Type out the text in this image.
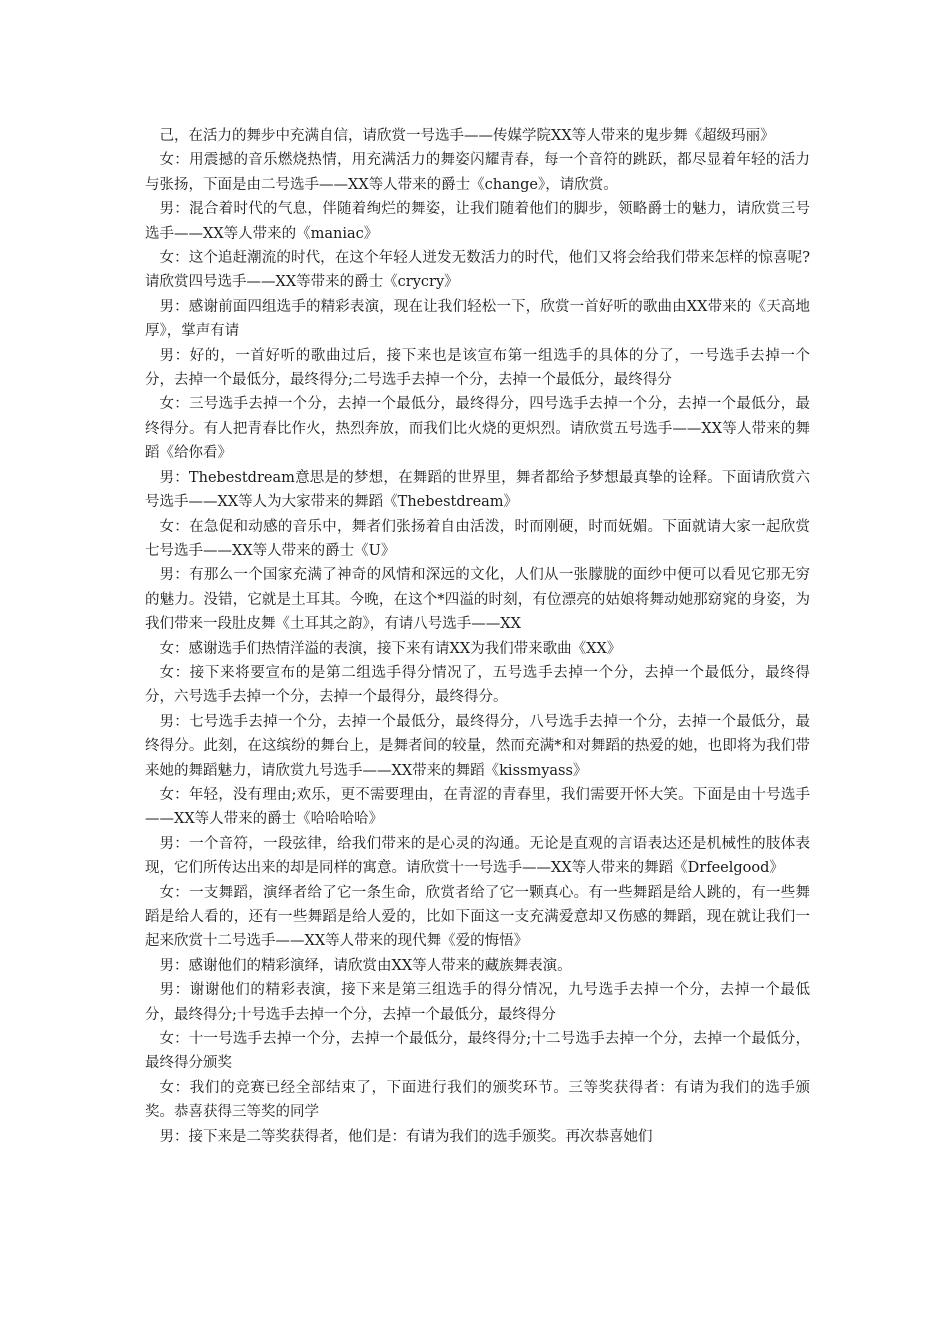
己，在活力的舞步中充满自信，请欣赏一号选手——传媒学院XX等人带来的鬼步舞《超级玛丽》

女：用震撼的音乐燃烧热情，用充满活力的舞姿闪耀青春，每一个音符的跳跃，都尽显着年轻的活力与张扬，下面是由二号选手——XX等人带来的爵士《change》，请欣赏。

男：混合着时代的气息，伴随着绚烂的舞姿，让我们随着他们的脚步，领略爵士的魅力，请欣赏三号选手——XX等人带来的《maniac》

女：这个追赶潮流的时代，在这个年轻人迸发无数活力的时代，他们又将会给我们带来怎样的惊喜呢?请欣赏四号选手——XX等带来的爵士《crycry》

男：感谢前面四组选手的精彩表演，现在让我们轻松一下，欣赏一首好听的歌曲由XX带来的《天高地厚》，掌声有请

男：好的，一首好听的歌曲过后，接下来也是该宣布第一组选手的具体的分了，一号选手去掉一个分，去掉一个最低分，最终得分;二号选手去掉一个分，去掉一个最低分，最终得分

女：三号选手去掉一个分，去掉一个最低分，最终得分，四号选手去掉一个分，去掉一个最低分，最终得分。有人把青春比作火，热烈奔放，而我们比火烧的更炽烈。请欣赏五号选手——XX等人带来的舞蹈《给你看》

男：Thebestdream意思是的梦想，在舞蹈的世界里，舞者都给予梦想最真挚的诠释。下面请欣赏六号选手——XX等人为大家带来的舞蹈《Thebestdream》

女：在急促和动感的音乐中，舞者们张扬着自由活泼，时而刚硬，时而妩媚。下面就请大家一起欣赏七号选手——XX等人带来的爵士《U》

男：有那么一个国家充满了神奇的风情和深远的文化，人们从一张朦胧的面纱中便可以看见它那无穷的魅力。没错，它就是土耳其。今晚，在这个*四溢的时刻，有位漂亮的姑娘将舞动她那窈窕的身姿，为我们带来一段肚皮舞《土耳其之韵》，有请八号选手——XX

女：感谢选手们热情洋溢的表演，接下来有请XX为我们带来歌曲《XX》

女：接下来将要宣布的是第二组选手得分情况了，五号选手去掉一个分，去掉一个最低分，最终得分，六号选手去掉一个分，去掉一个最得分，最终得分。

男：七号选手去掉一个分，去掉一个最低分，最终得分，八号选手去掉一个分，去掉一个最低分，最终得分。此刻，在这缤纷的舞台上，是舞者间的较量，然而充满*和对舞蹈的热爱的她，也即将为我们带来她的舞蹈魅力，请欣赏九号选手——XX带来的舞蹈《kissmyass》

女：年轻，没有理由;欢乐，更不需要理由，在青涩的青春里，我们需要开怀大笑。下面是由十号选手——XX等人带来的爵士《哈哈哈哈》

男：一个音符，一段弦律，给我们带来的是心灵的沟通。无论是直观的言语表达还是机械性的肢体表现，它们所传达出来的却是同样的寓意。请欣赏十一号选手——XX等人带来的舞蹈《Drfeelgood》

女：一支舞蹈，演绎者给了它一条生命，欣赏者给了它一颗真心。有一些舞蹈是给人跳的，有一些舞蹈是给人看的，还有一些舞蹈是给人爱的，比如下面这一支充满爱意却又伤感的舞蹈，现在就让我们一起来欣赏十二号选手——XX等人带来的现代舞《爱的悔悟》

男：感谢他们的精彩演绎，请欣赏由XX等人带来的藏族舞表演。

男：谢谢他们的精彩表演，接下来是第三组选手的得分情况，九号选手去掉一个分，去掉一个最低分，最终得分;十号选手去掉一个分，去掉一个最低分，最终得分

女：十一号选手去掉一个分，去掉一个最低分，最终得分;十二号选手去掉一个分，去掉一个最低分，最终得分颁奖

女：我们的竞赛已经全部结束了，下面进行我们的颁奖环节。三等奖获得者：有请为我们的选手颁奖。恭喜获得三等奖的同学

男：接下来是二等奖获得者，他们是：有请为我们的选手颁奖。再次恭喜她们
